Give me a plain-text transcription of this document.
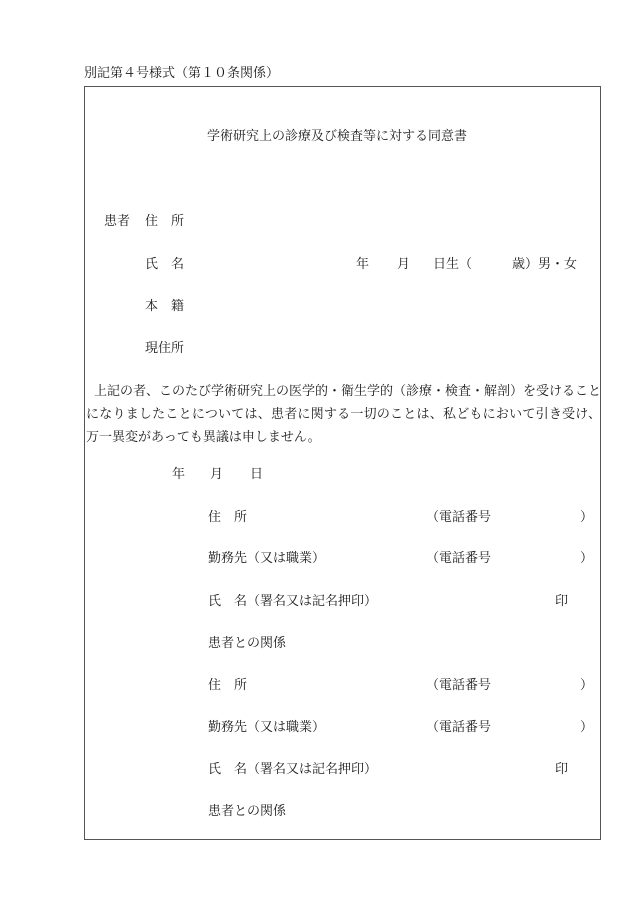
別記第４号様式（第１０条関係）
学術研究上の診療及び検査等に対する同意書
患者 住　所
氏　名	年 月 日生（	歳）男・女
本　籍
現住所
上記の者、このたび学術研究上の医学的・衛生学的（診療・検査・解剖）を受けることになりましたことについては、患者に関する一切のことは、私どもにおいて引き受け、万一異変があっても異議は申しません。
年 月 日
住　所	（電話番号	）
勤務先（又は職業）	（電話番号	）
氏　名（署名又は記名押印）	印
患者との関係
住　所	（電話番号	）
勤務先（又は職業）	（電話番号	）
氏　名（署名又は記名押印）	印
患者との関係
